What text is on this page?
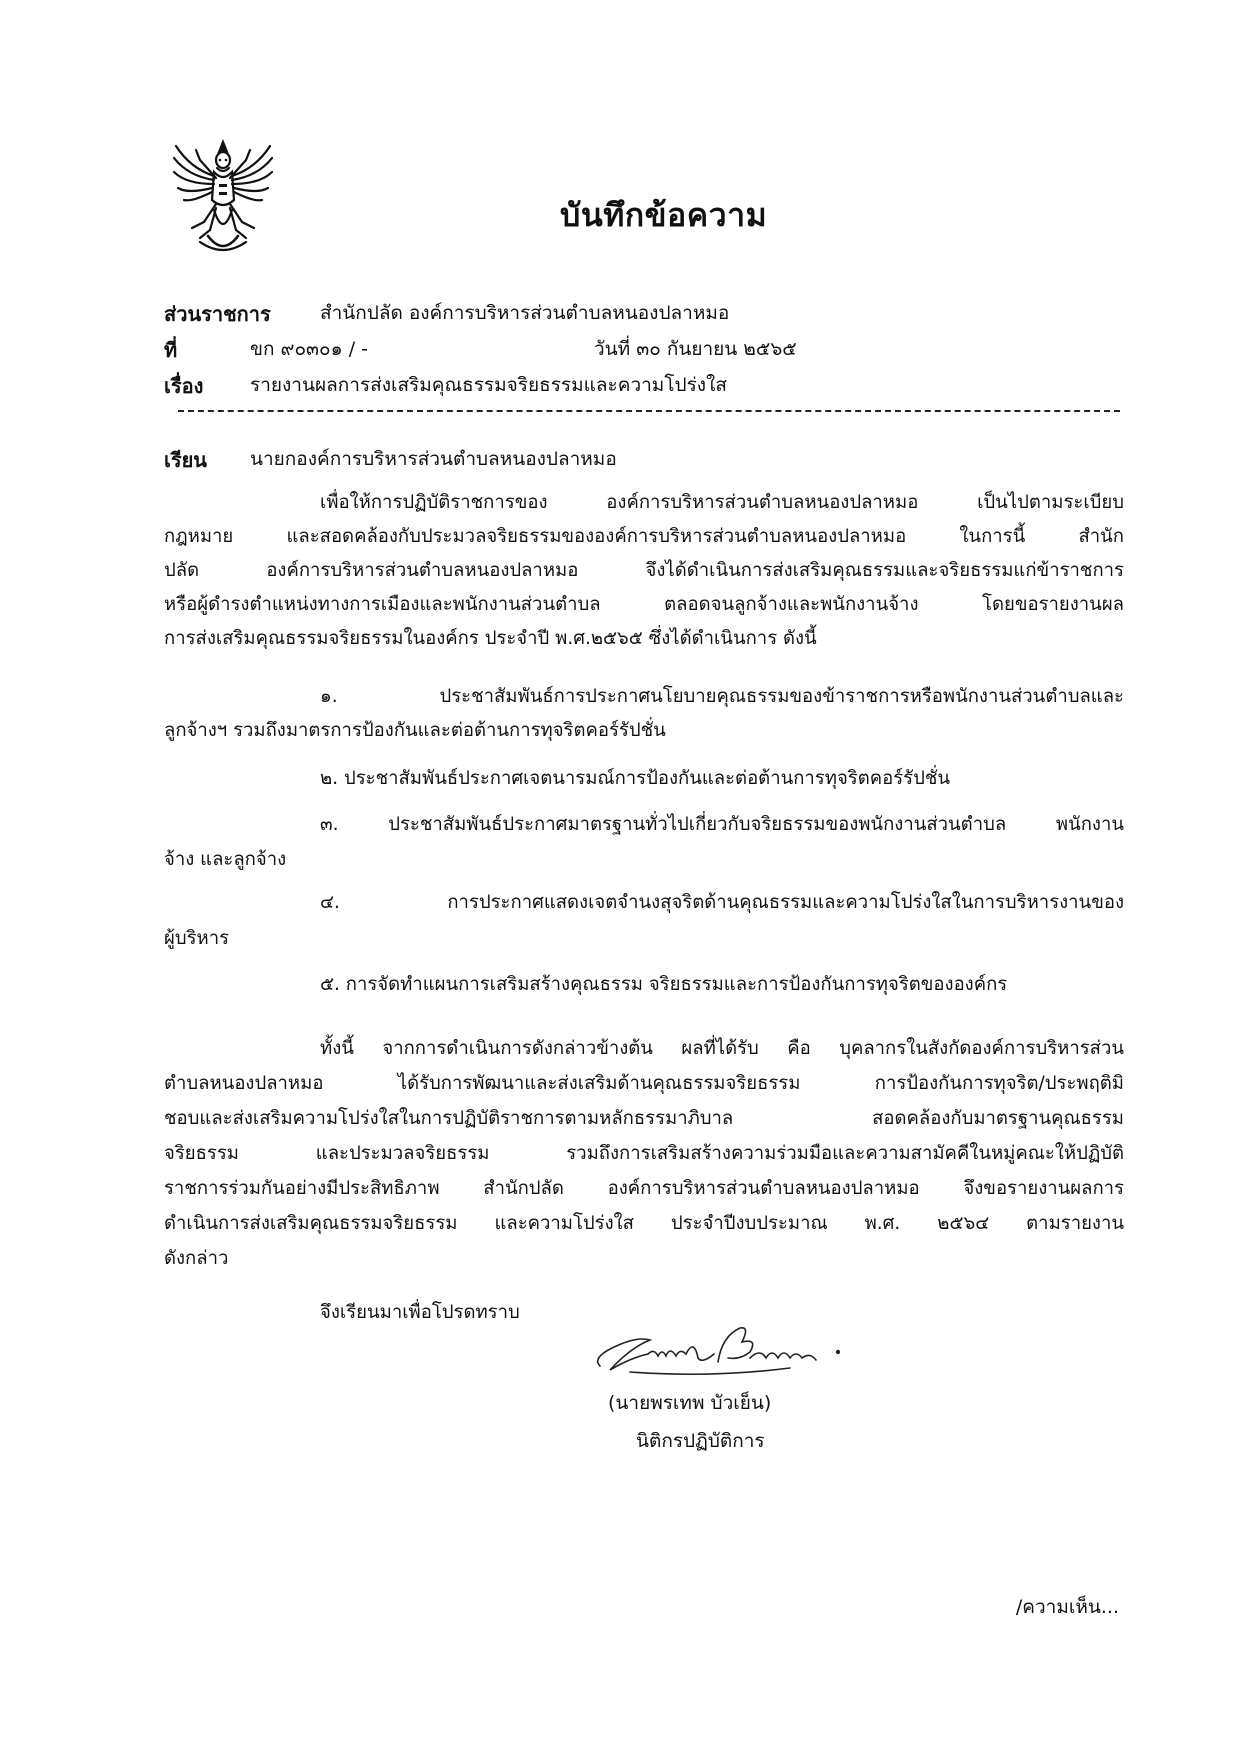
บันทึกข้อความ
ส่วนราชการ	สำนักปลัด องค์การบริหารส่วนตำบลหนองปลาหมอ
ที่	ขก ๙๐๓๐๑ / -	วันที่ ๓๐ กันยายน ๒๕๖๕
เรื่อง รายงานผลการส่งเสริมคุณธรรมจริยธรรมและความโปร่งใส
เรียน นายกองค์การบริหารส่วนตำบลหนองปลาหมอ
เพื่อให้การปฏิบัติราชการของ องค์การบริหารส่วนตำบลหนองปลาหมอ เป็นไปตามระเบียบ
กฎหมาย และสอดคล้องกับประมวลจริยธรรมขององค์การบริหารส่วนตำบลหนองปลาหมอ ในการนี้ สำนัก
ปลัด องค์การบริหารส่วนตำบลหนองปลาหมอ จึงได้ดำเนินการส่งเสริมคุณธรรมและจริยธรรมแก่ข้าราชการ
หรือผู้ดำรงตำแหน่งทางการเมืองและพนักงานส่วนตำบล ตลอดจนลูกจ้างและพนักงานจ้าง โดยขอรายงานผล
การส่งเสริมคุณธรรมจริยธรรมในองค์กร ประจำปี พ.ศ.๒๕๖๕ ซึ่งได้ดำเนินการ ดังนี้
๑. ประชาสัมพันธ์การประกาศนโยบายคุณธรรมของข้าราชการหรือพนักงานส่วนตำบลและ
ลูกจ้างฯ รวมถึงมาตรการป้องกันและต่อต้านการทุจริตคอร์รัปชั่น
๒. ประชาสัมพันธ์ประกาศเจตนารมณ์การป้องกันและต่อต้านการทุจริตคอร์รัปชั่น
๓. ประชาสัมพันธ์ประกาศมาตรฐานทั่วไปเกี่ยวกับจริยธรรมของพนักงานส่วนตำบล พนักงาน
จ้าง และลูกจ้าง
๔. การประกาศแสดงเจตจำนงสุจริตด้านคุณธรรมและความโปร่งใสในการบริหารงานของ
ผู้บริหาร
๕. การจัดทำแผนการเสริมสร้างคุณธรรม จริยธรรมและการป้องกันการทุจริตขององค์กร
ทั้งนี้ จากการดำเนินการดังกล่าวข้างต้น ผลที่ได้รับ คือ บุคลากรในสังกัดองค์การบริหารส่วน
ตำบลหนองปลาหมอ ได้รับการพัฒนาและส่งเสริมด้านคุณธรรมจริยธรรม การป้องกันการทุจริต/ประพฤติมิ
ชอบและส่งเสริมความโปร่งใสในการปฏิบัติราชการตามหลักธรรมาภิบาล สอดคล้องกับมาตรฐานคุณธรรม
จริยธรรม และประมวลจริยธรรม รวมถึงการเสริมสร้างความร่วมมือและความสามัคคีในหมู่คณะให้ปฏิบัติ
ราชการร่วมกันอย่างมีประสิทธิภาพ สำนักปลัด องค์การบริหารส่วนตำบลหนองปลาหมอ จึงขอรายงานผลการ
ดำเนินการส่งเสริมคุณธรรมจริยธรรม และความโปร่งใส ประจำปีงบประมาณ พ.ศ. ๒๕๖๔ ตามรายงาน
ดังกล่าว
จึงเรียนมาเพื่อโปรดทราบ
(นายพรเทพ บัวเย็น)
นิติกรปฏิบัติการ
/ความเห็น...
